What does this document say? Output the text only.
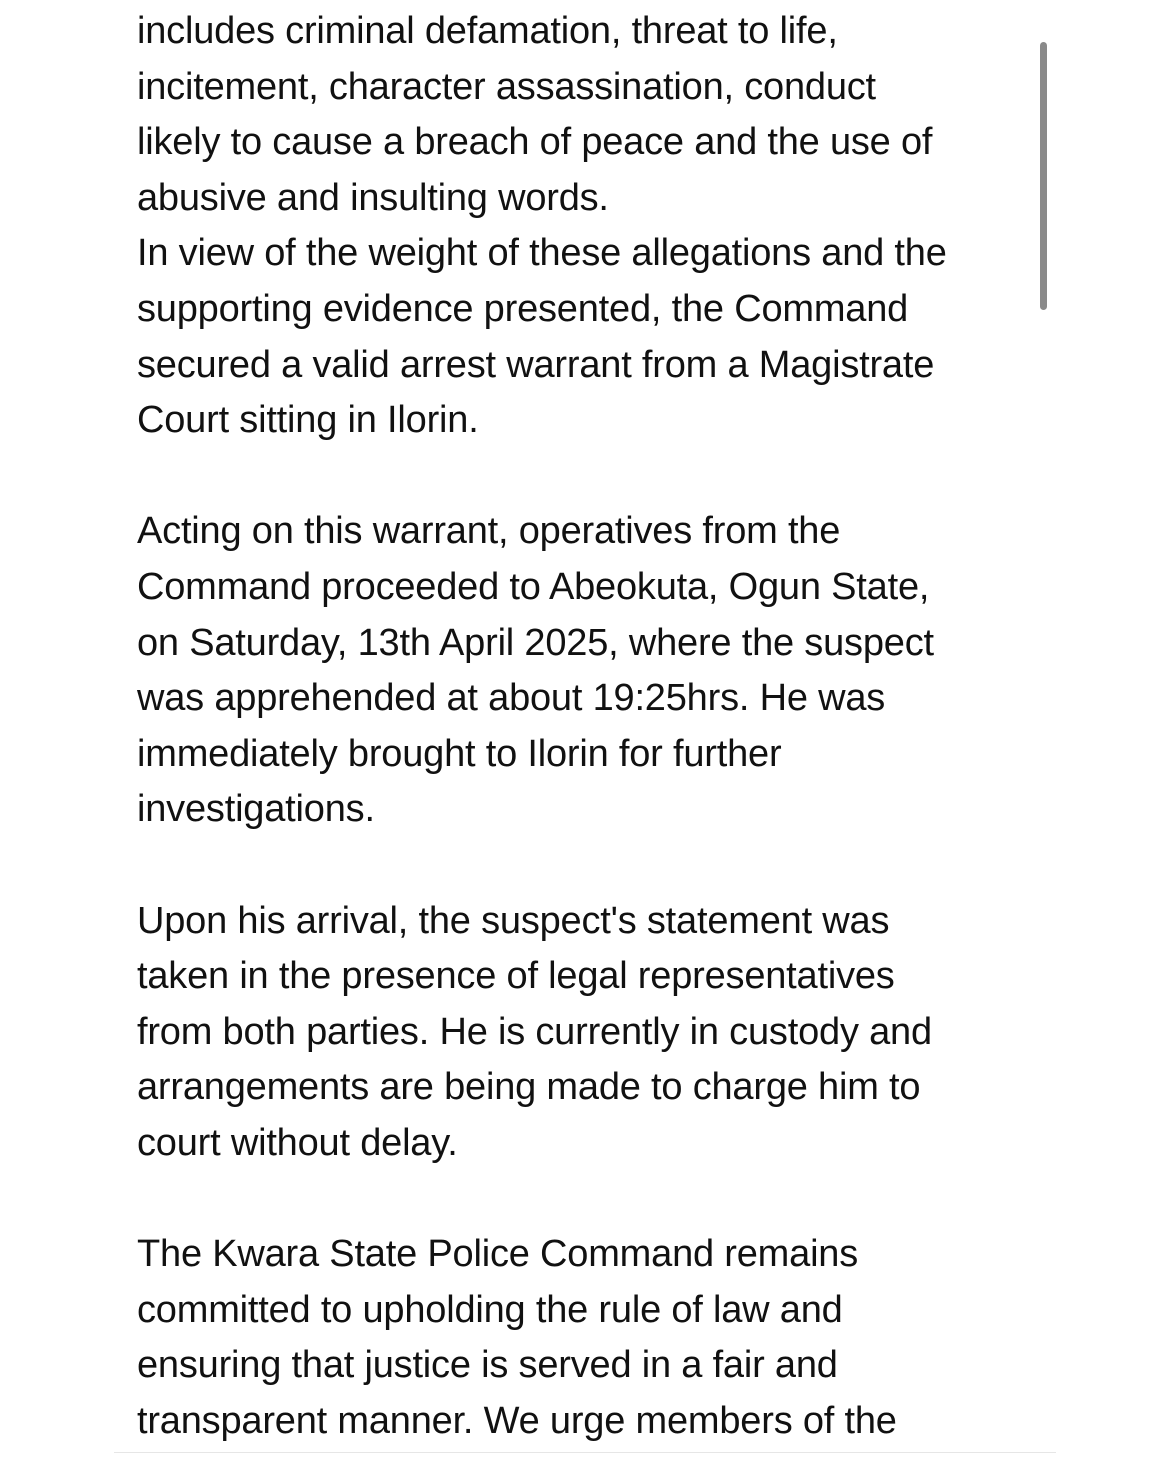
includes criminal defamation, threat to life,
incitement, character assassination, conduct
likely to cause a breach of peace and the use of
abusive and insulting words.
In view of the weight of these allegations and the
supporting evidence presented, the Command
secured a valid arrest warrant from a Magistrate
Court sitting in Ilorin.
Acting on this warrant, operatives from the
Command proceeded to Abeokuta, Ogun State,
on Saturday, 13th April 2025, where the suspect
was apprehended at about 19:25hrs. He was
immediately brought to Ilorin for further
investigations.
Upon his arrival, the suspect's statement was
taken in the presence of legal representatives
from both parties. He is currently in custody and
arrangements are being made to charge him to
court without delay.
The Kwara State Police Command remains
committed to upholding the rule of law and
ensuring that justice is served in a fair and
transparent manner. We urge members of the
